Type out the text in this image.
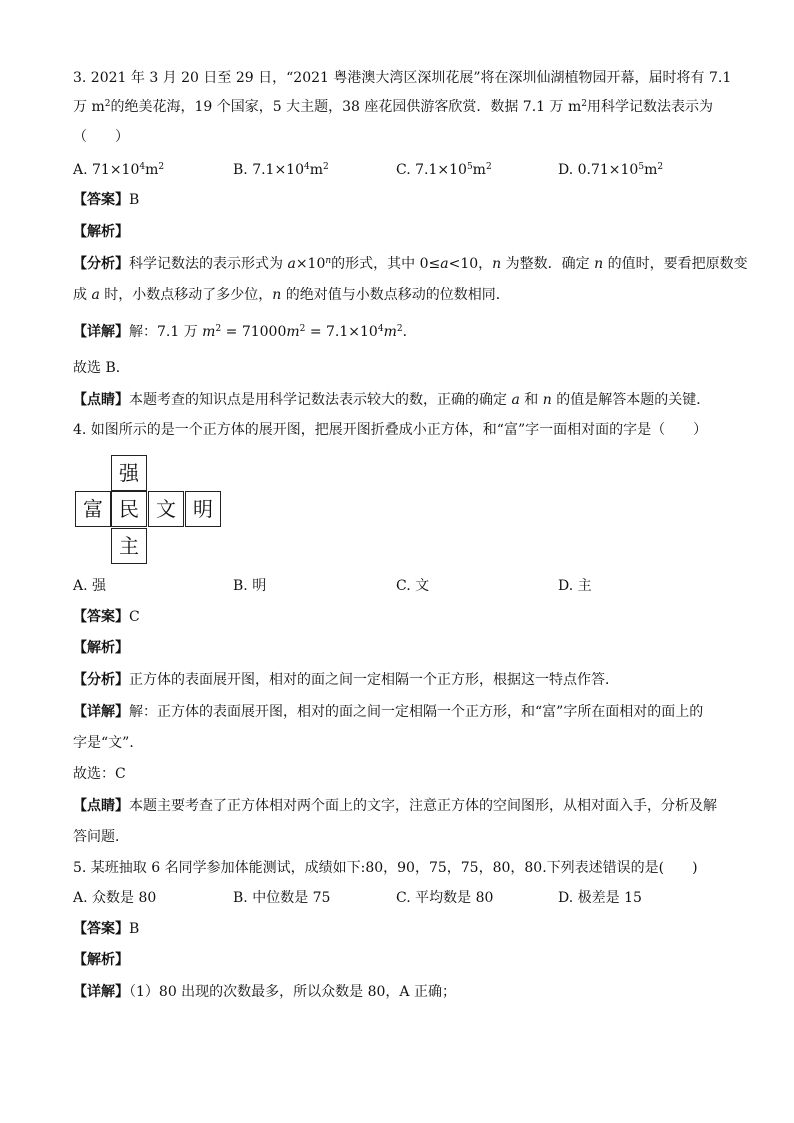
3. 2021 年 3 月 20 日至 29 日，“2021 粤港澳大湾区深圳花展”将在深圳仙湖植物园开幕，届时将有 7.1
万 $m^2$的绝美花海，19 个国家，5 大主题，38 座花园供游客欣赏．数据 7.1 万 $m^2$用科学记数法表示为
（　　）
A. $71\times 10^4m^2$	B. $7.1\times 10^4m^2$	C. $7.1\times 10^5m^2$	D. $0.71\times 10^5m^2$
【答案】B
【解析】
【分析】科学记数法的表示形式为 $a\times 10^n$的形式，其中 0≤a<10，n 为整数．确定 n 的值时，要看把原数变
成 a 时，小数点移动了多少位，n 的绝对值与小数点移动的位数相同．
【详解】解：7.1 万 $m^2 = 71000m^2 = 7.1\times 10^4m^2$．
故选 B．
【点睛】本题考查的知识点是用科学记数法表示较大的数，正确的确定 a 和 n 的值是解答本题的关键．
4. 如图所示的是一个正方体的展开图，把展开图折叠成小正方体，和“富”字一面相对面的字是（　　）
强
富 民 文 明
主
A. 强	B. 明	C. 文	D. 主
【答案】C
【解析】
【分析】正方体的表面展开图，相对的面之间一定相隔一个正方形，根据这一特点作答．
【详解】解：正方体的表面展开图，相对的面之间一定相隔一个正方形，和“富”字所在面相对的面上的
字是“文”．
故选：C
【点睛】本题主要考查了正方体相对两个面上的文字，注意正方体的空间图形，从相对面入手，分析及解
答问题．
5. 某班抽取 6 名同学参加体能测试，成绩如下:80，90，75，75，80，80.下列表述错误的是(　　)
A. 众数是 80	B. 中位数是 75	C. 平均数是 80	D. 极差是 15
【答案】B
【解析】
【详解】（1）80 出现的次数最多，所以众数是 80，A 正确；
